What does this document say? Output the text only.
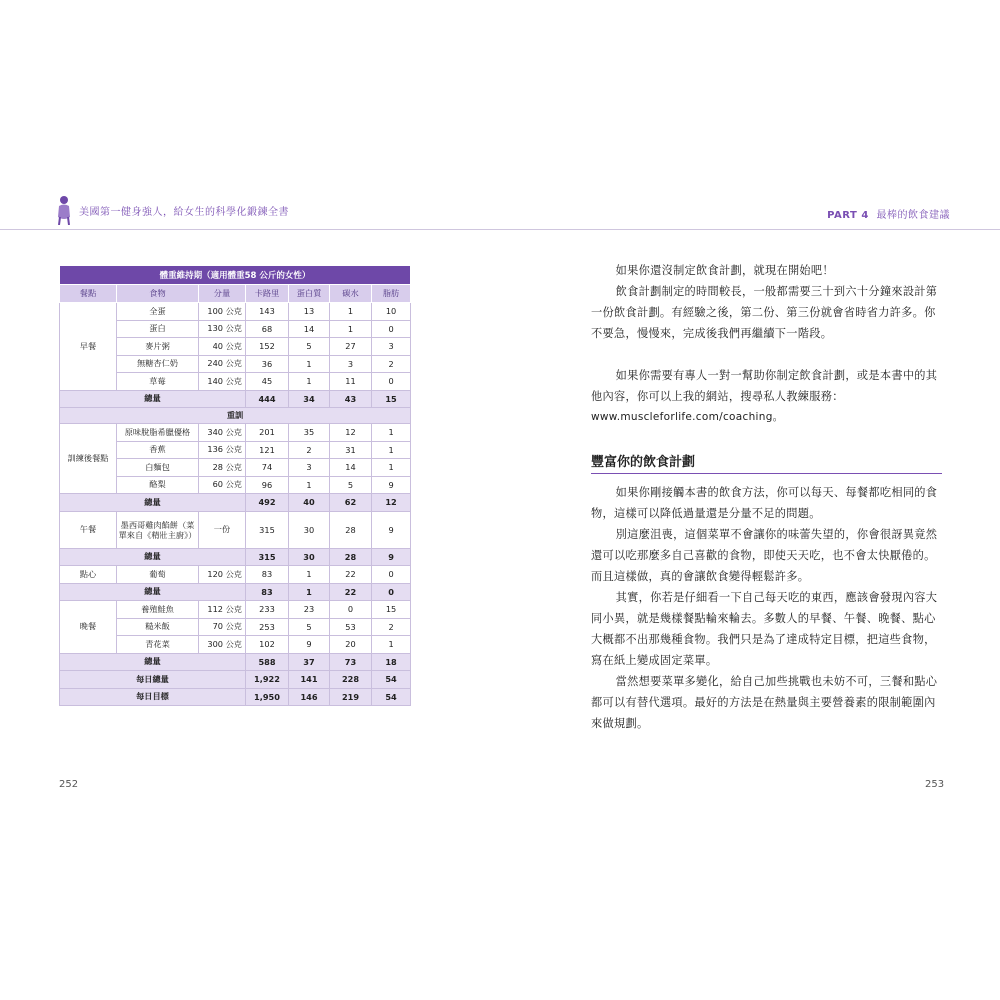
美國第一健身強人，給女生的科學化鍛鍊全書	PART 4 最棒的飲食建議
體重維持期（適用體重58 公斤的女性）						
餐點	食物	分量	卡路里	蛋白質	碳水	脂肪
早餐	全蛋	100 公克	143	13	1	10
	蛋白	130 公克	68	14	1	0
	麥片粥	40 公克	152	5	27	3
	無糖杏仁奶	240 公克	36	1	3	2
	草莓	140 公克	45	1	11	0
總量			444	34	43	15
重訓						
訓練後餐點	原味脫脂希臘優格	340 公克	201	35	12	1
	香蕉	136 公克	121	2	31	1
	白麵包	28 公克	74	3	14	1
	酪梨	60 公克	96	1	5	9
總量			492	40	62	12
午餐	墨西哥雞肉餡餅（菜單來自《精壯主廚》）	一份	315	30	28	9
總量			315	30	28	9
點心	葡萄	120 公克	83	1	22	0
總量			83	1	22	0
晚餐	養殖鮭魚	112 公克	233	23	0	15
	糙米飯	70 公克	253	5	53	2
	青花菜	300 公克	102	9	20	1
總量			588	37	73	18
每日總量			1,922	141	228	54
每日目標			1,950	146	219	54
252	253

如果你還沒制定飲食計劃，就現在開始吧！

飲食計劃制定的時間較長，一般都需要三十到六十分鐘來設計第一份飲食計劃。有經驗之後，第二份、第三份就會省時省力許多。你不要急，慢慢來，完成後我們再繼續下一階段。

如果你需要有專人一對一幫助你制定飲食計劃，或是本書中的其他內容，你可以上我的網站，搜尋私人教練服務：

www.muscleforlife.com/coaching。

豐富你的飲食計劃

如果你剛接觸本書的飲食方法，你可以每天、每餐都吃相同的食物，這樣可以降低過量還是分量不足的問題。

別這麼沮喪，這個菜單不會讓你的味蕾失望的，你會很訝異竟然還可以吃那麼多自己喜歡的食物，即使天天吃，也不會太快厭倦的。而且這樣做，真的會讓飲食變得輕鬆許多。

其實，你若是仔細看一下自己每天吃的東西，應該會發現內容大同小異，就是幾樣餐點輪來輪去。多數人的早餐、午餐、晚餐、點心大概都不出那幾種食物。我們只是為了達成特定目標，把這些食物，寫在紙上變成固定菜單。

當然想要菜單多變化，給自己加些挑戰也未妨不可，三餐和點心都可以有替代選項。最好的方法是在熱量與主要營養素的限制範圍內來做規劃。
